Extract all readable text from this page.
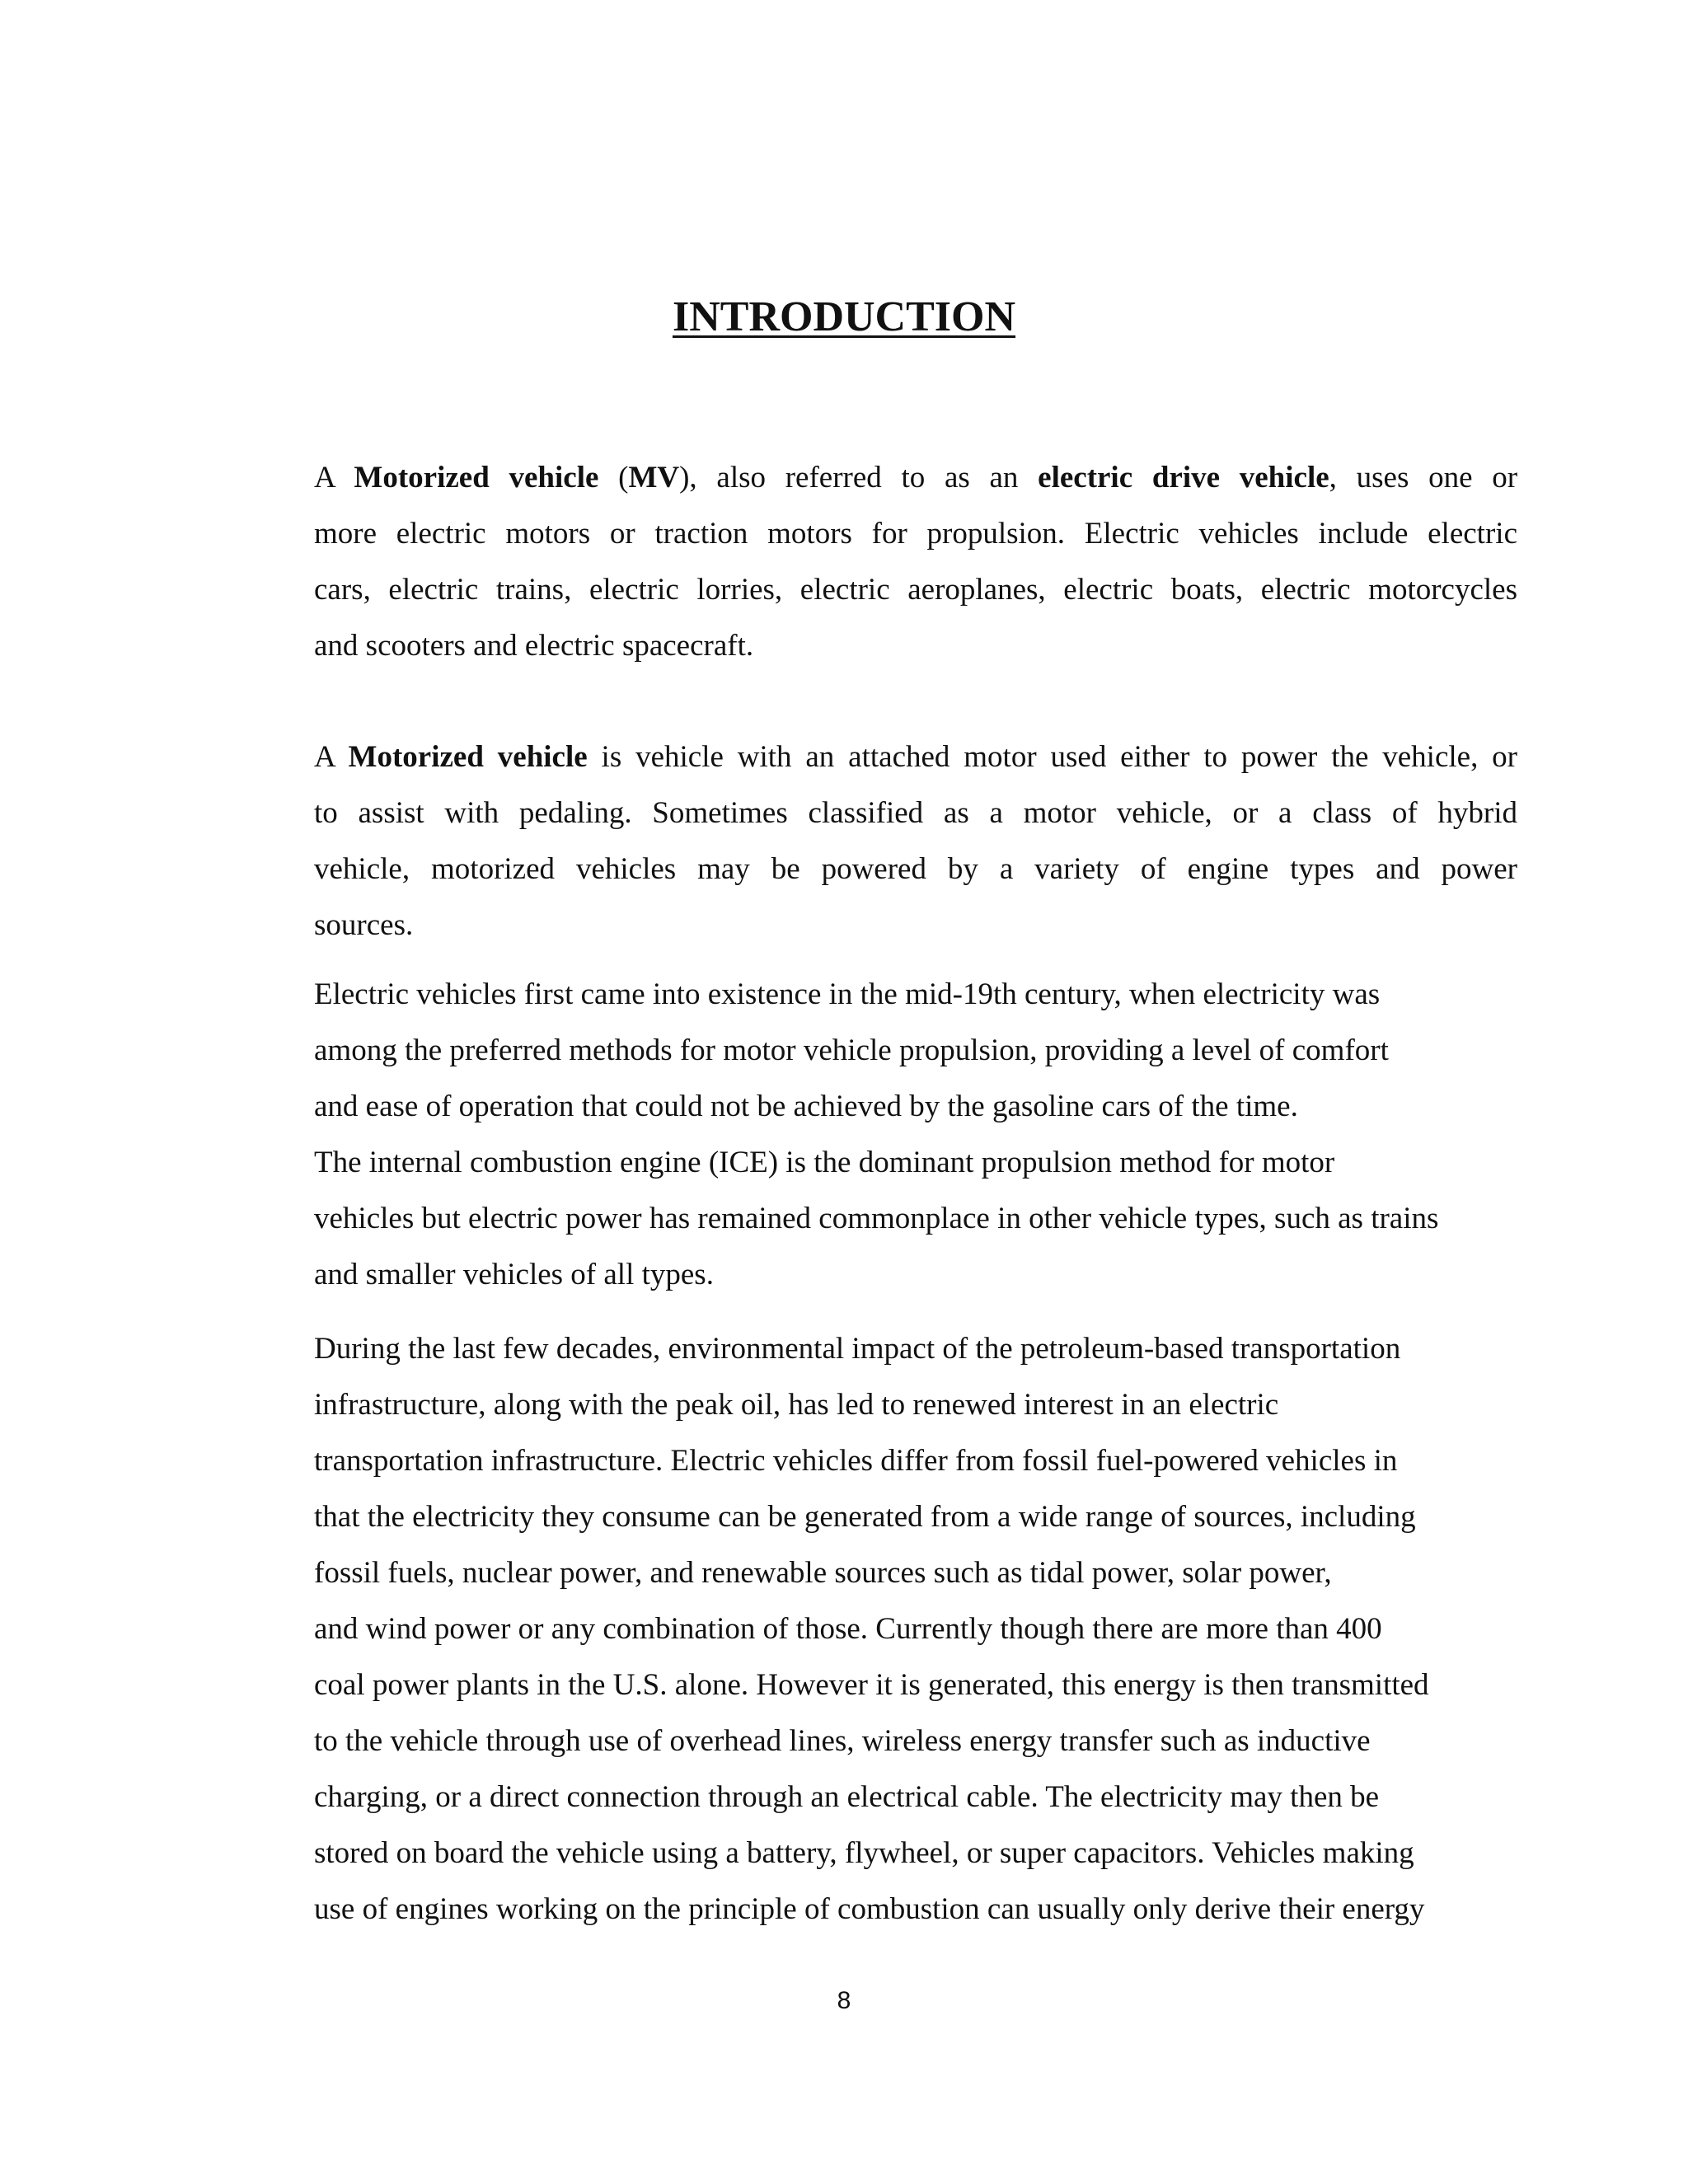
INTRODUCTION

A Motorized vehicle (MV), also referred to as an electric drive vehicle, uses one or

more electric motors or traction motors for propulsion. Electric vehicles include electric

cars, electric trains, electric lorries, electric aeroplanes, electric boats, electric motorcycles

and scooters and electric spacecraft.

A Motorized vehicle is vehicle with an attached motor used either to power the vehicle, or

to assist with pedaling. Sometimes classified as a motor vehicle, or a class of hybrid

vehicle, motorized vehicles may be powered by a variety of engine types and power

sources.

Electric vehicles first came into existence in the mid-19th century, when electricity was

among the preferred methods for motor vehicle propulsion, providing a level of comfort

and ease of operation that could not be achieved by the gasoline cars of the time.

The internal combustion engine (ICE) is the dominant propulsion method for motor

vehicles but electric power has remained commonplace in other vehicle types, such as trains

and smaller vehicles of all types.

During the last few decades, environmental impact of the petroleum-based transportation

infrastructure, along with the peak oil, has led to renewed interest in an electric

transportation infrastructure. Electric vehicles differ from fossil fuel-powered vehicles in

that the electricity they consume can be generated from a wide range of sources, including

fossil fuels, nuclear power, and renewable sources such as tidal power, solar power,

and wind power or any combination of those. Currently though there are more than 400

coal power plants in the U.S. alone. However it is generated, this energy is then transmitted

to the vehicle through use of overhead lines, wireless energy transfer such as inductive

charging, or a direct connection through an electrical cable. The electricity may then be

stored on board the vehicle using a battery, flywheel, or super capacitors. Vehicles making

use of engines working on the principle of combustion can usually only derive their energy

8
